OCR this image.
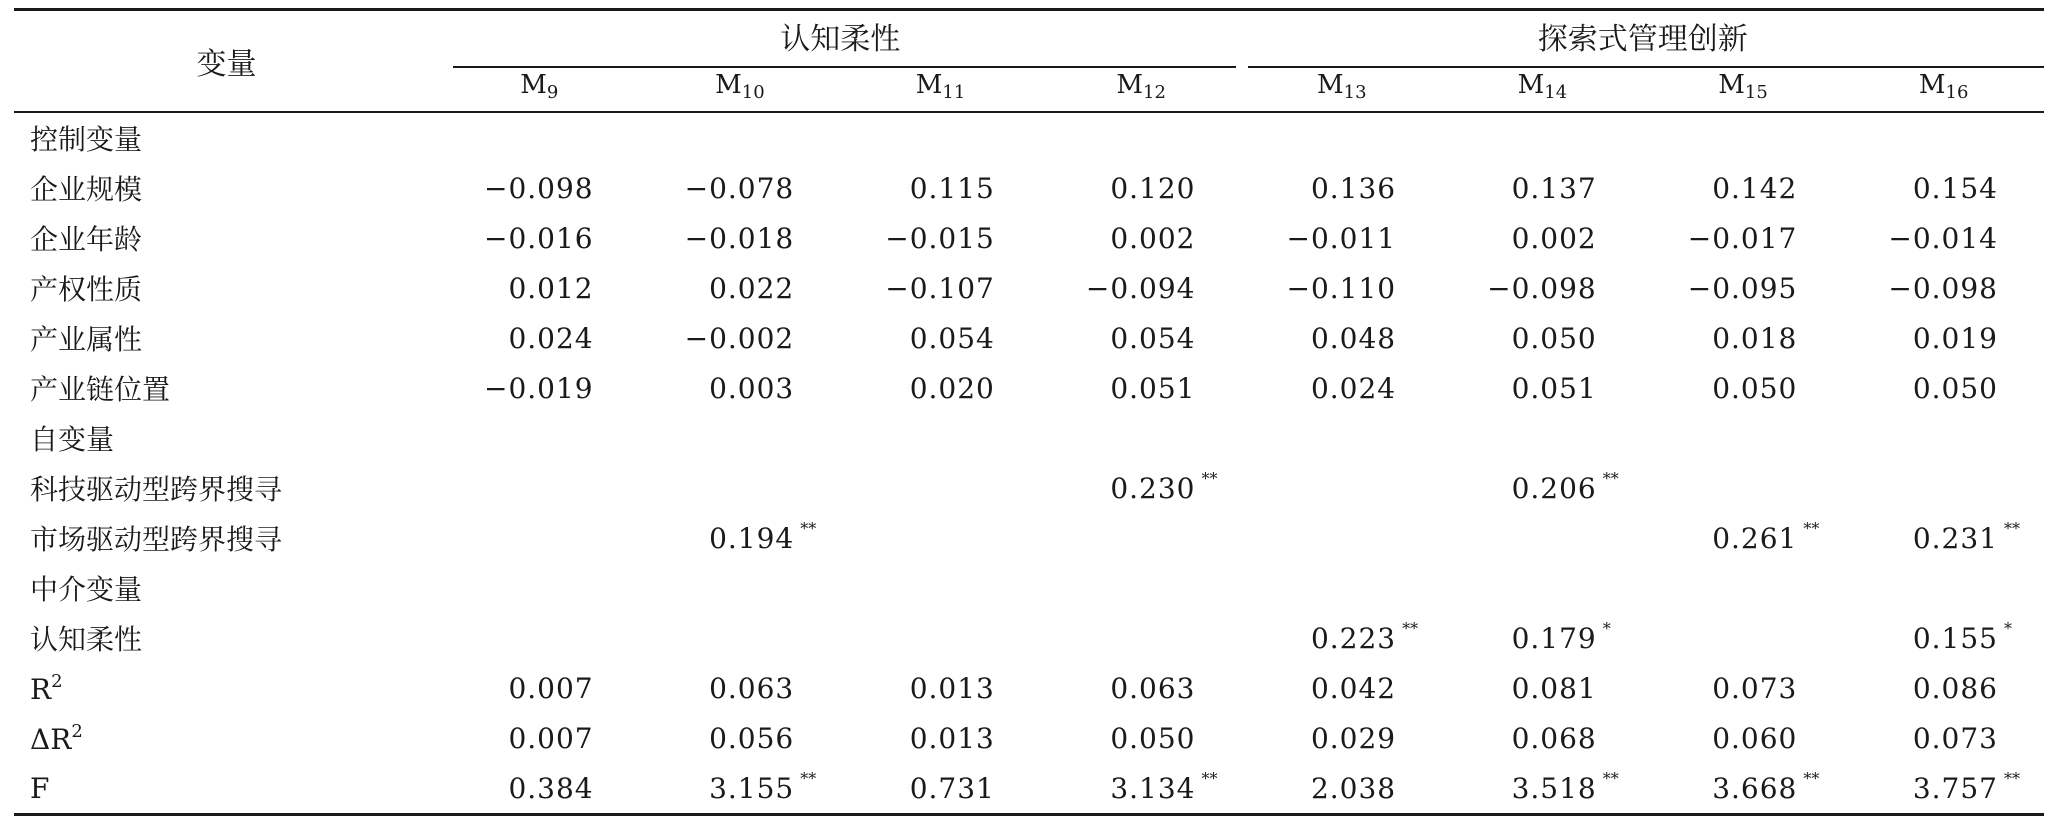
变量	认知柔性				探索式管理创新			

	$M_9$	$M_{10}$	$M_{11}$	$M_{12}$	$M_{13}$	$M_{14}$	$M_{15}$	$M_{16}$
控制变量								
企业规模	−0.098	−0.078	0.115	0.120	0.136	0.137	0.142	0.154
企业年龄	−0.016	−0.018	−0.015	0.002	−0.011	0.002	−0.017	−0.014
产权性质	0.012	0.022	−0.107	−0.094	−0.110	−0.098	−0.095	−0.098
产业属性	0.024	−0.002	0.054	0.054	0.048	0.050	0.018	0.019
产业链位置	−0.019	0.003	0.020	0.051	0.024	0.051	0.050	0.050
自变量								
科技驱动型跨界搜寻				0.230 **		0.206 **		

市场驱动型跨界搜寻		0.194 **					0.261 **	0.231 **

中介变量								
认知柔性					0.223 **	0.179 *		0.155 *

$R^2$	0.007	0.063	0.013	0.063	0.042	0.081	0.073	0.086
$\Delta R^2$	0.007	0.056	0.013	0.050	0.029	0.068	0.060	0.073
F	0.384	3.155 **	0.731	3.134 **	2.038	3.518 **	3.668 **	3.757 **
